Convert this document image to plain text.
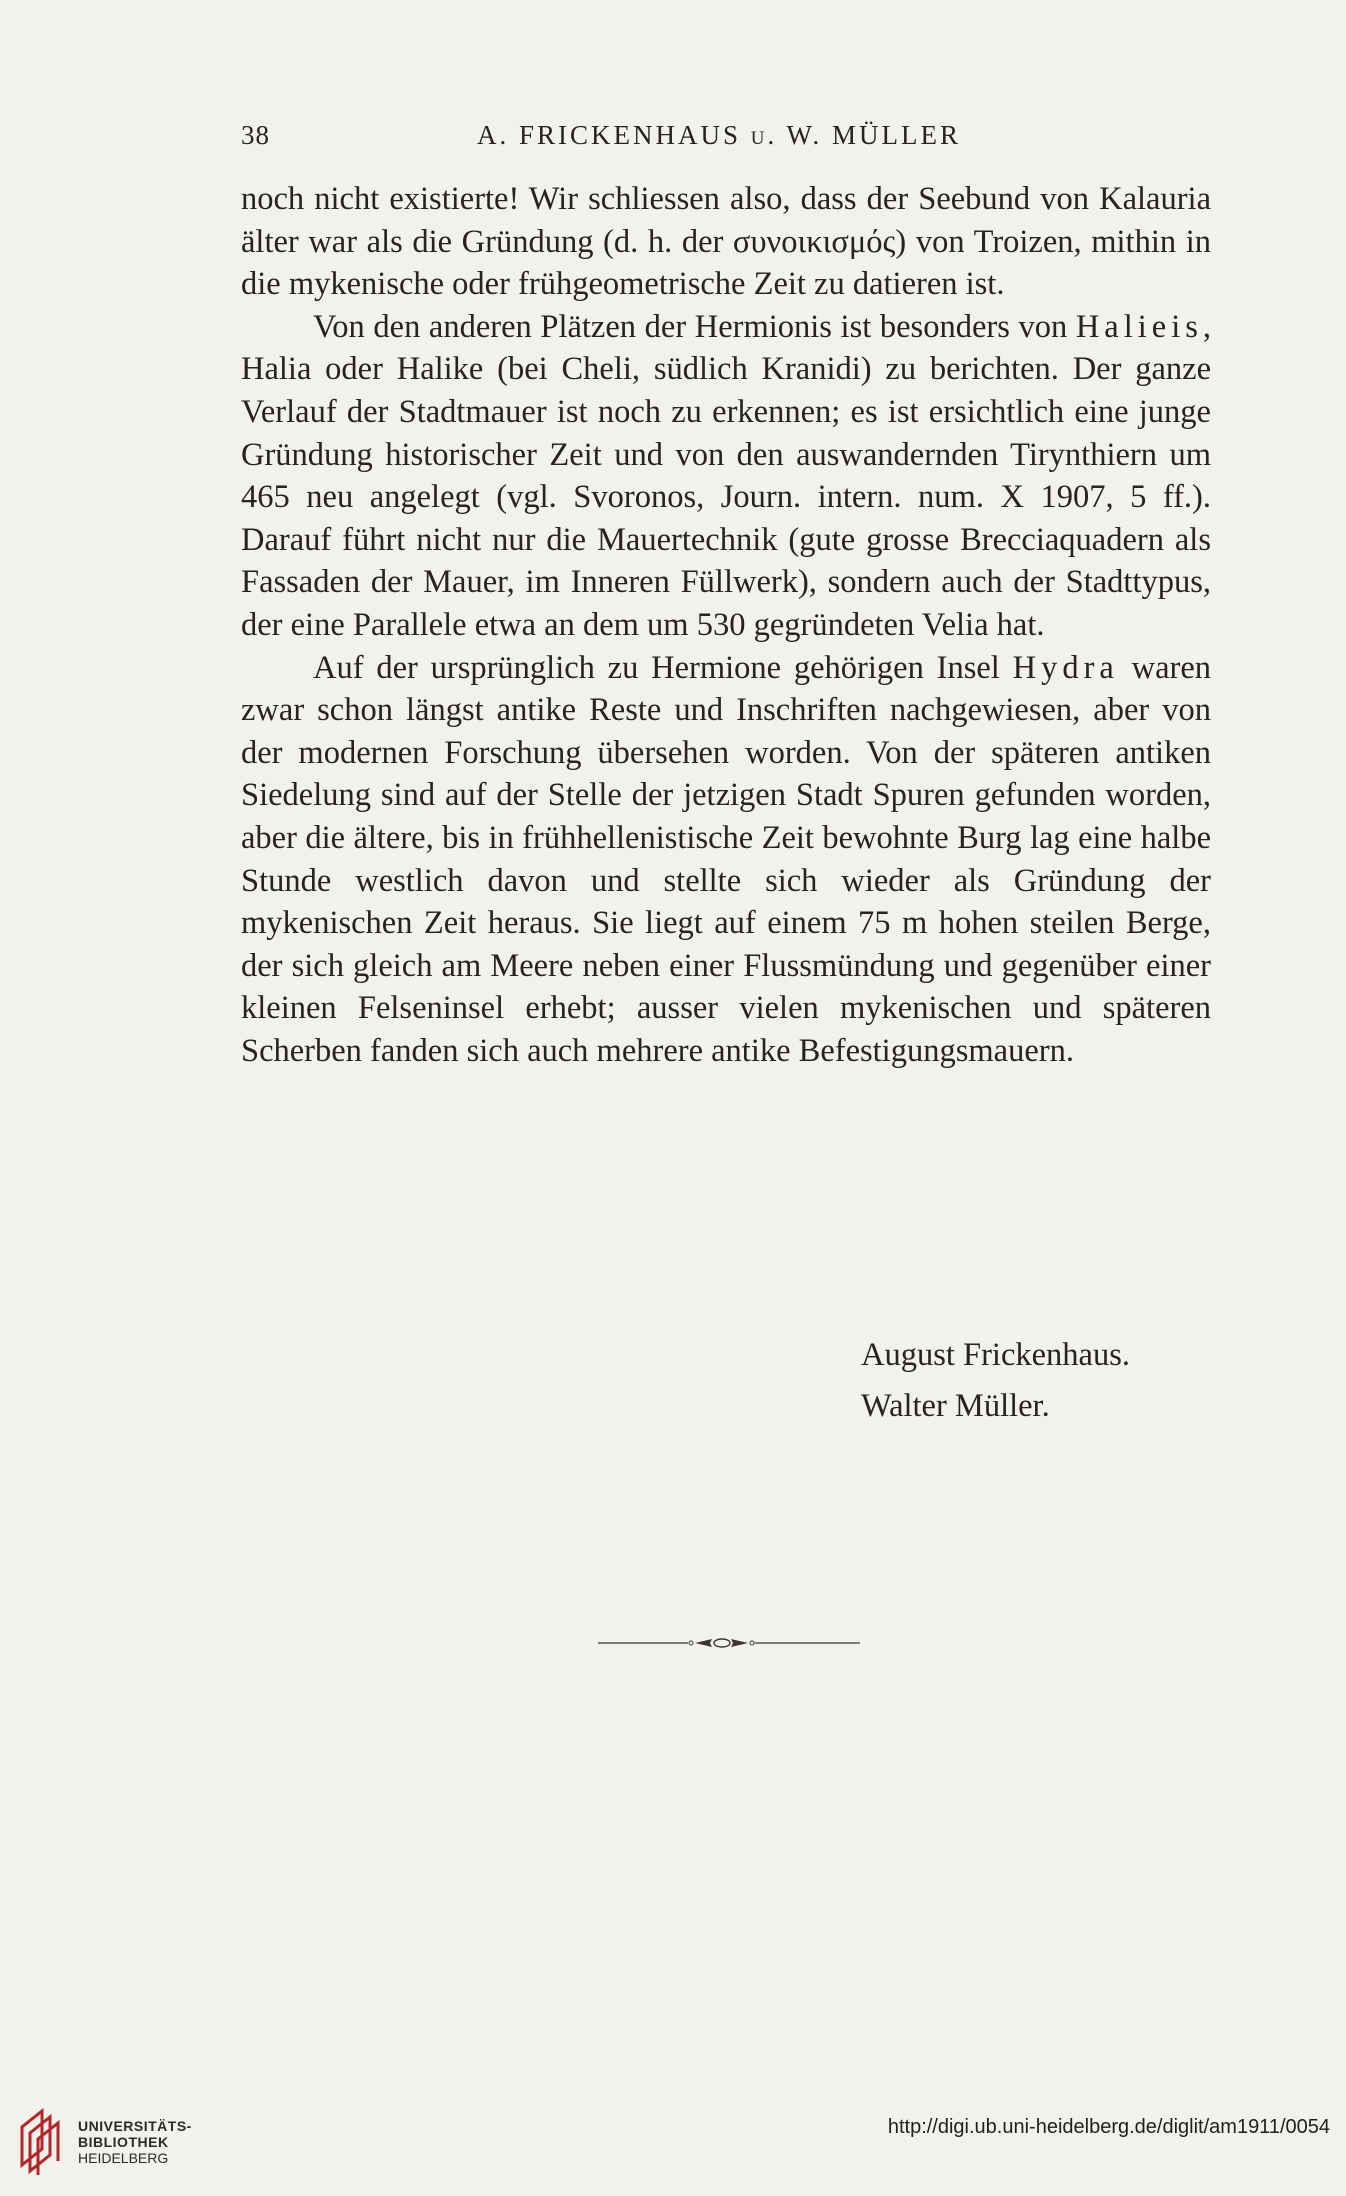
38	A. FRICKENHAUS u. W. MÜLLER

noch nicht existierte! Wir schliessen also, dass der Seebund von Kalauria älter war als die Gründung (d. h. der συνοικισμός) von Troizen, mithin in die mykenische oder frühgeometrische Zeit zu datieren ist.

Von den anderen Plätzen der Hermionis ist besonders von Halieis, Halia oder Halike (bei Cheli, südlich Kranidi) zu berichten. Der ganze Verlauf der Stadtmauer ist noch zu erkennen; es ist ersichtlich eine junge Gründung historischer Zeit und von den auswandernden Tirynthiern um 465 neu angelegt (vgl. Svoronos, Journ. intern. num. X 1907, 5 ff.). Darauf führt nicht nur die Mauertechnik (gute grosse Brecciaquadern als Fassaden der Mauer, im Inneren Füllwerk), sondern auch der Stadttypus, der eine Parallele etwa an dem um 530 gegründeten Velia hat.

Auf der ursprünglich zu Hermione gehörigen Insel Hydra waren zwar schon längst antike Reste und Inschriften nachgewiesen, aber von der modernen Forschung übersehen worden. Von der späteren antiken Siedelung sind auf der Stelle der jetzigen Stadt Spuren gefunden worden, aber die ältere, bis in frühhellenistische Zeit bewohnte Burg lag eine halbe Stunde westlich davon und stellte sich wieder als Gründung der mykenischen Zeit heraus. Sie liegt auf einem 75 m hohen steilen Berge, der sich gleich am Meere neben einer Flussmündung und gegenüber einer kleinen Felseninsel erhebt; ausser vielen mykenischen und späteren Scherben fanden sich auch mehrere antike Befestigungsmauern.

August Frickenhaus.
Walter Müller.
UNIVERSITÄTS-
BIBLIOTHEK
HEIDELBERG
http://digi.ub.uni-heidelberg.de/diglit/am1911/0054
